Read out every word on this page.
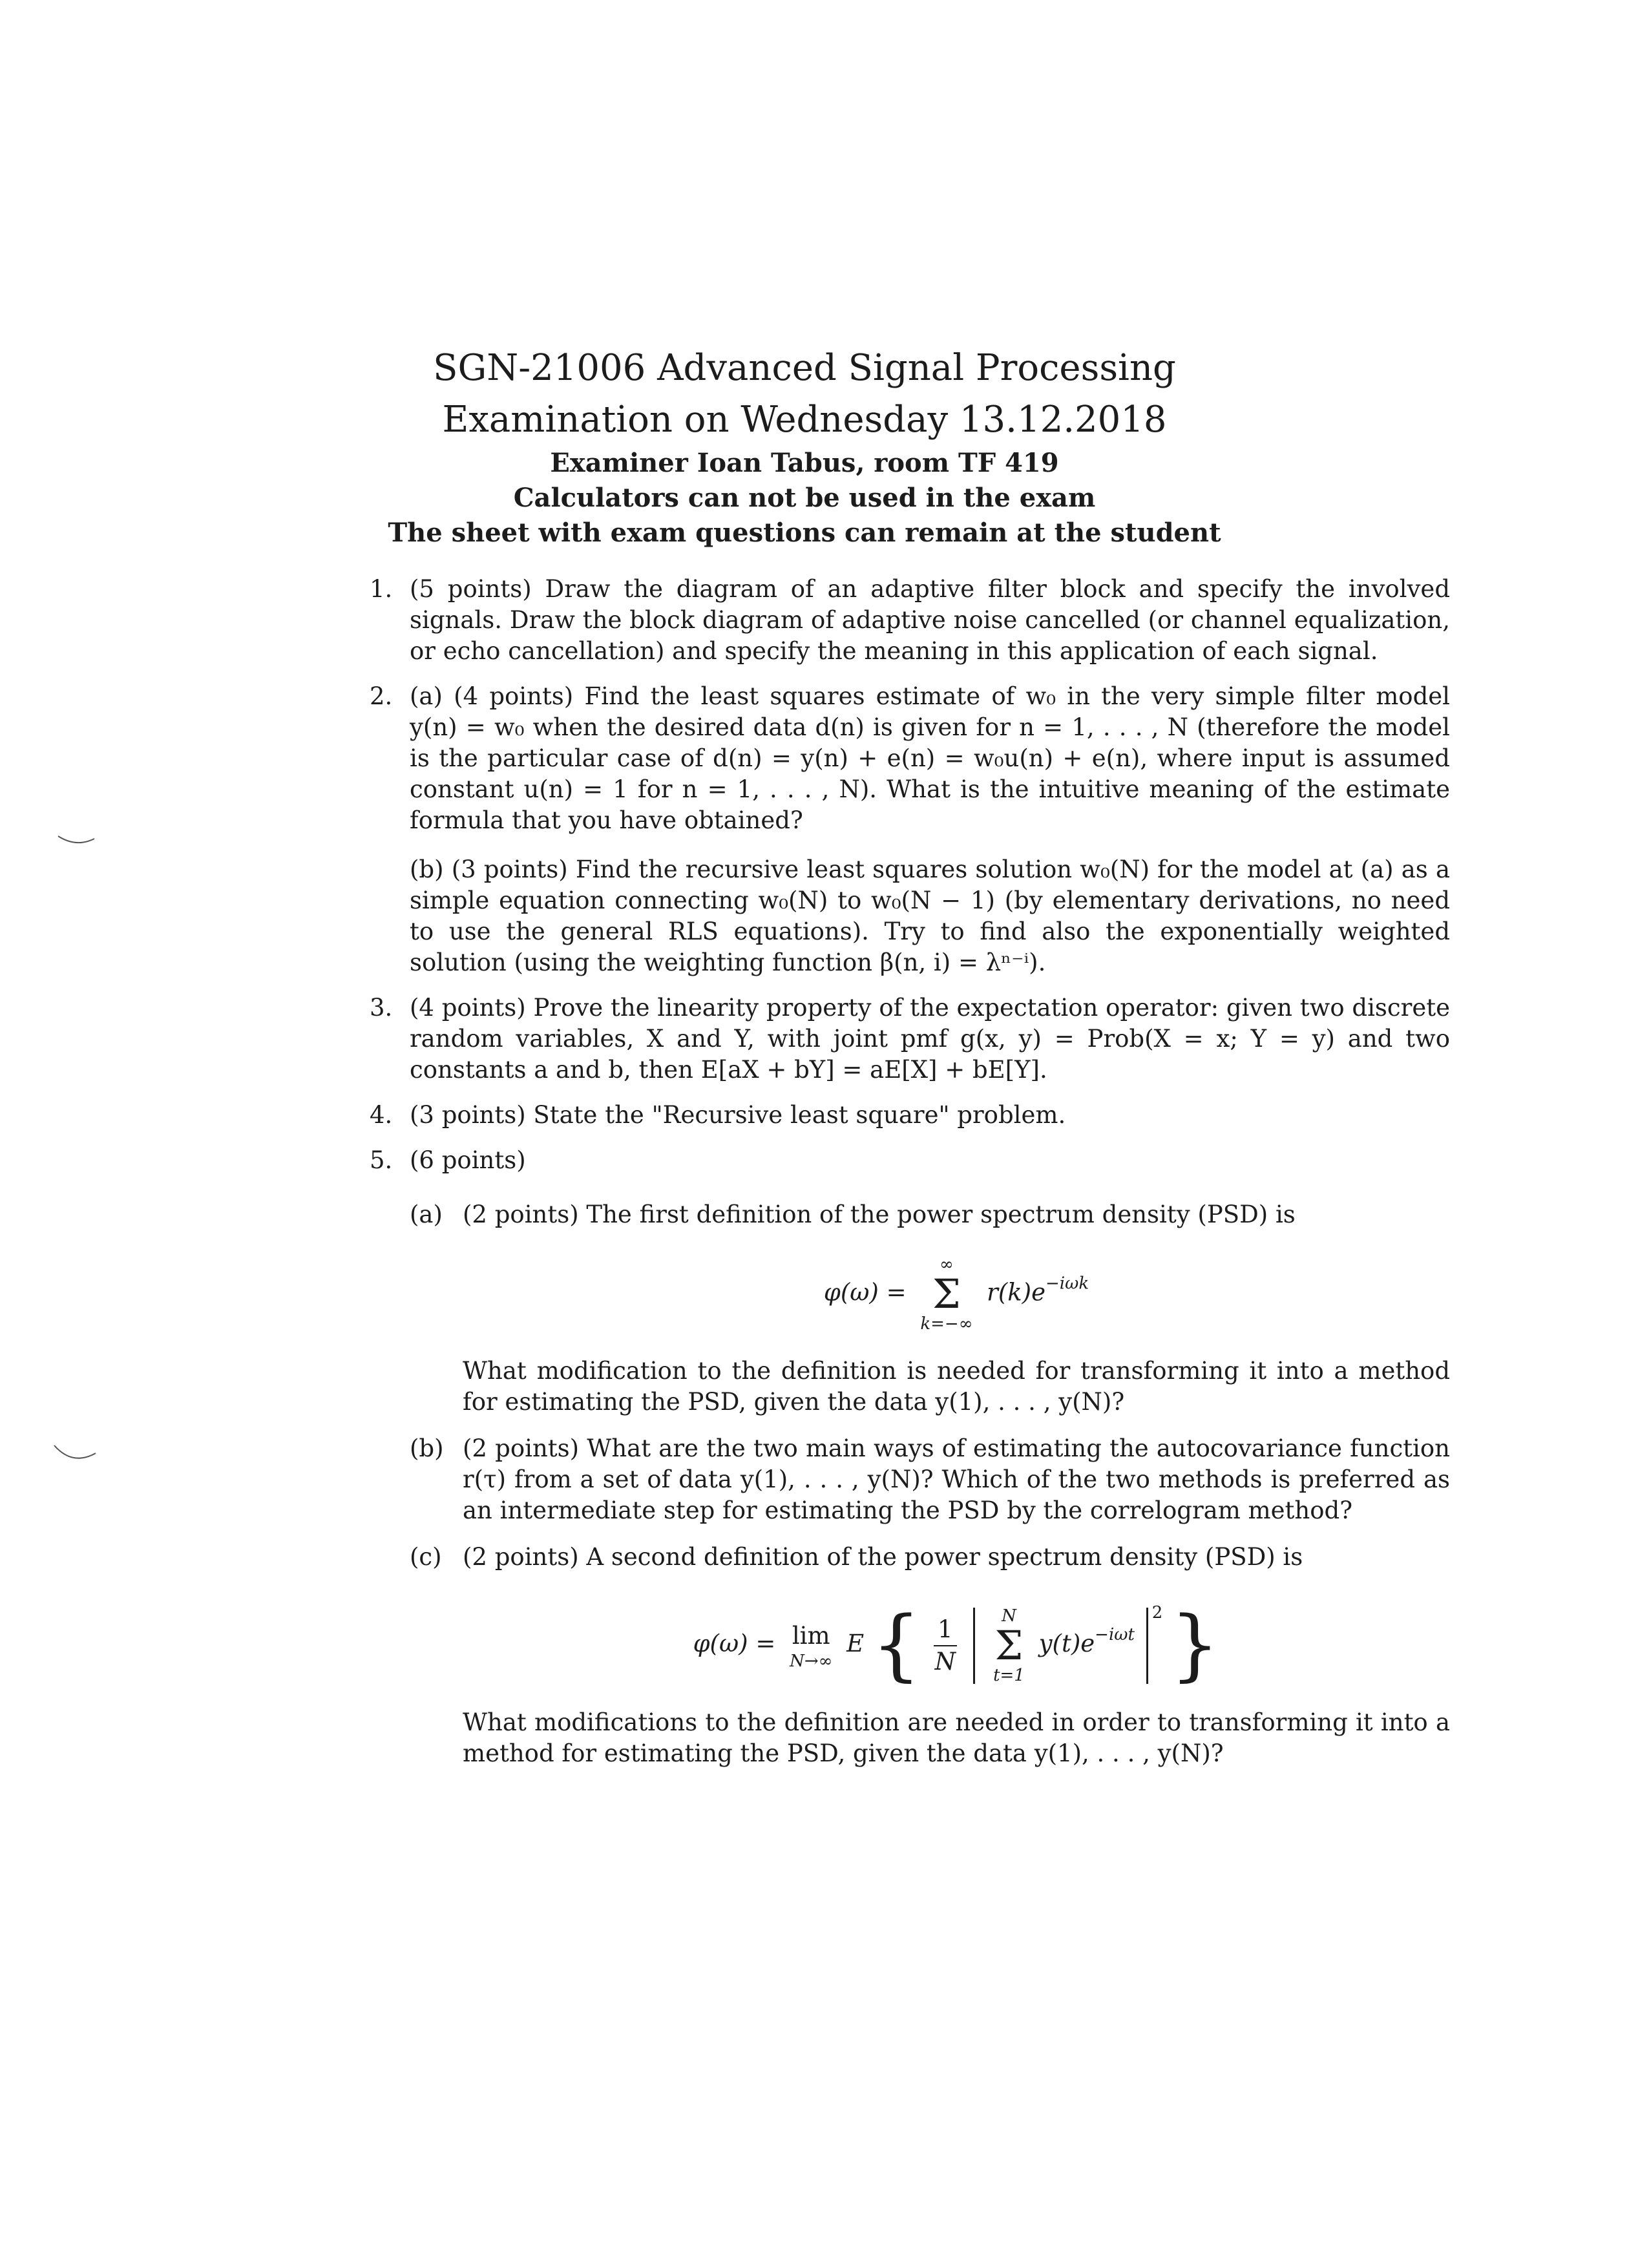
SGN-21006 Advanced Signal Processing
Examination on Wednesday 13.12.2018
Examiner Ioan Tabus, room TF 419
Calculators can not be used in the exam
The sheet with exam questions can remain at the student
1. (5 points) Draw the diagram of an adaptive filter block and specify the involved signals. Draw the block diagram of adaptive noise cancelled (or channel equalization, or echo cancellation) and specify the meaning in this application of each signal.
2. (a) (4 points) Find the least squares estimate of w₀ in the very simple filter model y(n) = w₀ when the desired data d(n) is given for n = 1, . . . , N (therefore the model is the particular case of d(n) = y(n) + e(n) = w₀u(n) + e(n), where input is assumed constant u(n) = 1 for n = 1, . . . , N). What is the intuitive meaning of the estimate formula that you have obtained?
(b) (3 points) Find the recursive least squares solution w₀(N) for the model at (a) as a simple equation connecting w₀(N) to w₀(N − 1) (by elementary derivations, no need to use the general RLS equations). Try to find also the exponentially weighted solution (using the weighting function β(n, i) = λⁿ⁻ⁱ).
3. (4 points) Prove the linearity property of the expectation operator: given two discrete random variables, X and Y, with joint pmf g(x, y) = Prob(X = x; Y = y) and two constants a and b, then E[aX + bY] = aE[X] + bE[Y].
4. (3 points) State the "Recursive least square" problem.
5. (6 points)
(a) (2 points) The first definition of the power spectrum density (PSD) is
φ(ω) =
∞
Σ
k=−∞
$r(k)e^{-i\omega k}$
What modification to the definition is needed for transforming it into a method for estimating the PSD, given the data y(1), . . . , y(N)?
(b) (2 points) What are the two main ways of estimating the autocovariance function r(τ) from a set of data y(1), . . . , y(N)? Which of the two methods is preferred as an intermediate step for estimating the PSD by the correlogram method?
(c) (2 points) A second definition of the power spectrum density (PSD) is
φ(ω) = lim
N→∞
E { $\frac{1}{N}$
	N
Σ
t=1
$y(t)e^{-i\omega t}$ $^2$ }
What modifications to the definition are needed in order to transforming it into a method for estimating the PSD, given the data y(1), . . . , y(N)?
